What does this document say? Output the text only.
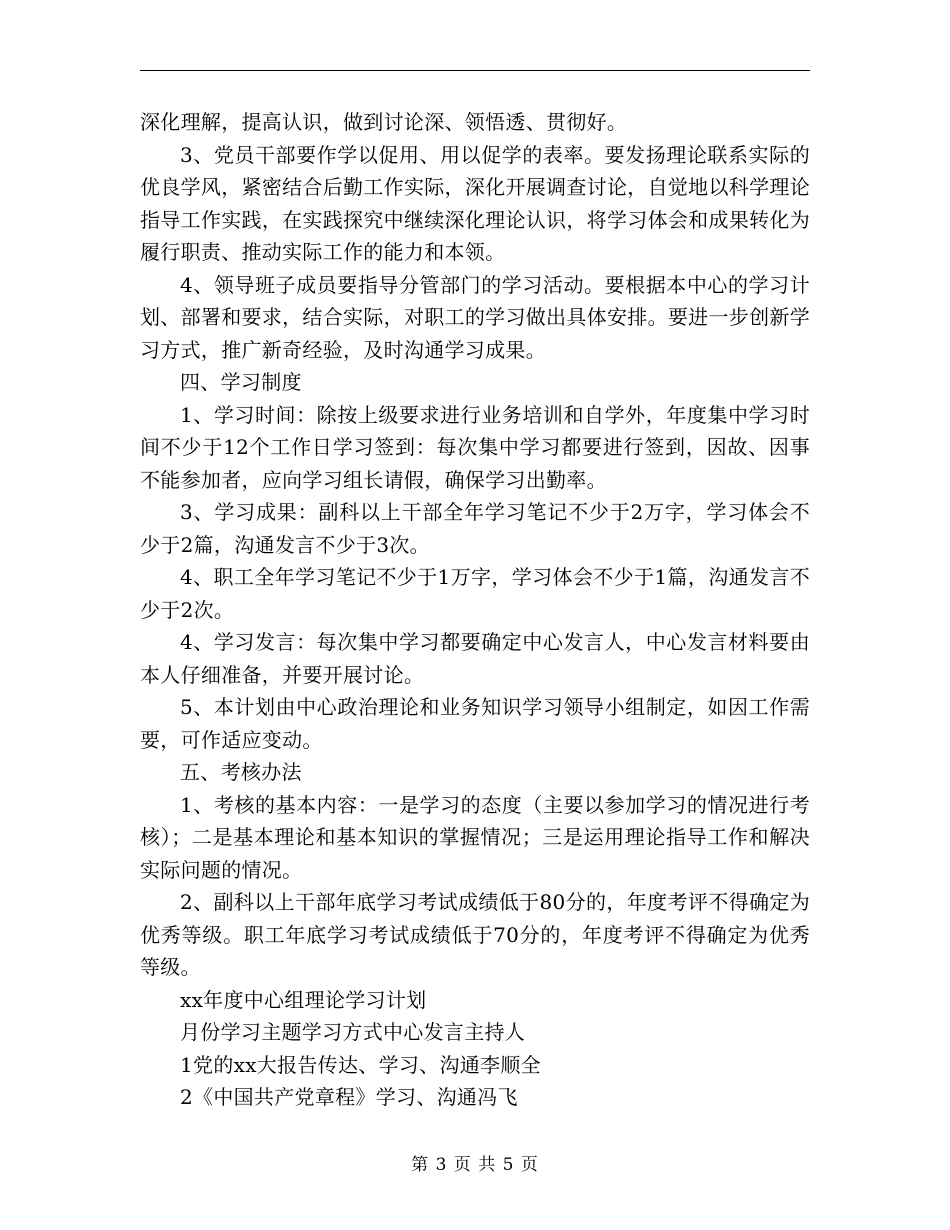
深化理解，提高认识，做到讨论深、领悟透、贯彻好。

3、党员干部要作学以促用、用以促学的表率。要发扬理论联系实际的优良学风，紧密结合后勤工作实际，深化开展调查讨论，自觉地以科学理论指导工作实践，在实践探究中继续深化理论认识，将学习体会和成果转化为履行职责、推动实际工作的能力和本领。

4、领导班子成员要指导分管部门的学习活动。要根据本中心的学习计划、部署和要求，结合实际，对职工的学习做出具体安排。要进一步创新学习方式，推广新奇经验，及时沟通学习成果。

四、学习制度

1、学习时间：除按上级要求进行业务培训和自学外，年度集中学习时间不少于12个工作日学习签到：每次集中学习都要进行签到，因故、因事不能参加者，应向学习组长请假，确保学习出勤率。

3、学习成果：副科以上干部全年学习笔记不少于2万字，学习体会不少于2篇，沟通发言不少于3次。

4、职工全年学习笔记不少于1万字，学习体会不少于1篇，沟通发言不少于2次。

4、学习发言：每次集中学习都要确定中心发言人，中心发言材料要由本人仔细准备，并要开展讨论。

5、本计划由中心政治理论和业务知识学习领导小组制定，如因工作需要，可作适应变动。

五、考核办法

1、考核的基本内容：一是学习的态度（主要以参加学习的情况进行考核）；二是基本理论和基本知识的掌握情况；三是运用理论指导工作和解决实际问题的情况。

2、副科以上干部年底学习考试成绩低于80分的，年度考评不得确定为优秀等级。职工年底学习考试成绩低于70分的，年度考评不得确定为优秀等级。

xx年度中心组理论学习计划

月份学习主题学习方式中心发言主持人

1党的xx大报告传达、学习、沟通李顺全

2《中国共产党章程》学习、沟通冯飞

第 3 页 共 5 页
